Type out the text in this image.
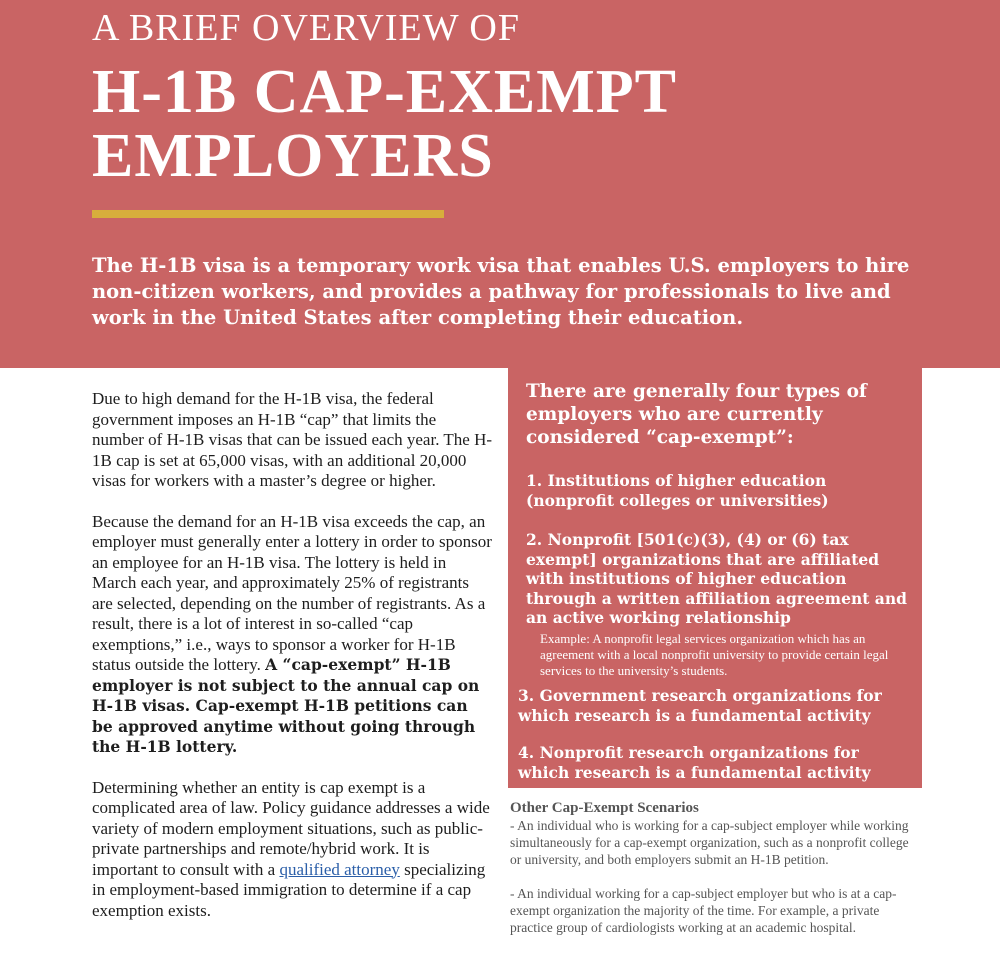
A BRIEF OVERVIEW OF
H-1B CAP-EXEMPT
EMPLOYERS
The H-1B visa is a temporary work visa that enables U.S. employers to hire non-citizen workers, and provides a pathway for professionals to live and work in the United States after completing their education.

Due to high demand for the H-1B visa, the federal government imposes an H-1B “cap” that limits the number of H-1B visas that can be issued each year. The H-1B cap is set at 65,000 visas, with an additional 20,000 visas for workers with a master’s degree or higher.

Because the demand for an H-1B visa exceeds the cap, an employer must generally enter a lottery in order to sponsor an employee for an H-1B visa. The lottery is held in March each year, and approximately 25% of registrants are selected, depending on the number of registrants. As a result, there is a lot of interest in so-called “cap exemptions,” i.e., ways to sponsor a worker for H-1B status outside the lottery. A “cap-exempt” H-1B employer is not subject to the annual cap on H-1B visas. Cap-exempt H-1B petitions can be approved anytime without going through the H-1B lottery.

Determining whether an entity is cap exempt is a complicated area of law. Policy guidance addresses a wide variety of modern employment situations, such as public-private partnerships and remote/hybrid work. It is important to consult with a qualified attorney specializing in employment-based immigration to determine if a cap exemption exists.

There are generally four types of employers who are currently considered “cap-exempt”:
1. Institutions of higher education (nonprofit colleges or universities)
2. Nonprofit [501(c)(3), (4) or (6) tax exempt] organizations that are affiliated with institutions of higher education through a written affiliation agreement and an active working relationship
Example: A nonprofit legal services organization which has an agreement with a local nonprofit university to provide certain legal services to the university’s students.
3. Government research organizations for which research is a fundamental activity
4. Nonprofit research organizations for which research is a fundamental activity
Other Cap-Exempt Scenarios

- An individual who is working for a cap-subject employer while working simultaneously for a cap-exempt organization, such as a nonprofit college or university, and both employers submit an H-1B petition.

- An individual working for a cap-subject employer but who is at a cap-exempt organization the majority of the time. For example, a private practice group of cardiologists working at an academic hospital.
